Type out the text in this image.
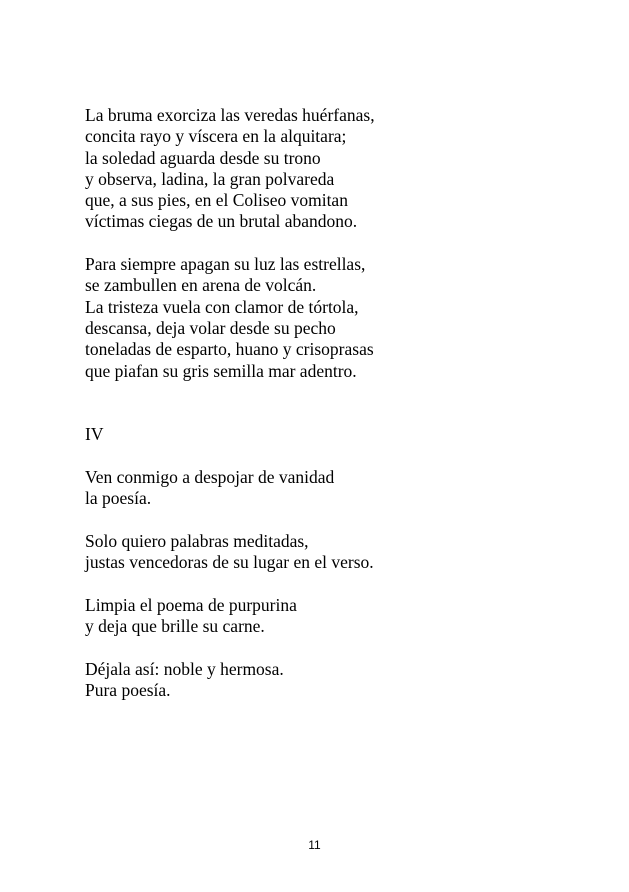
La bruma exorciza las veredas huérfanas,
concita rayo y víscera en la alquitara;
la soledad aguarda desde su trono
y observa, ladina, la gran polvareda
que, a sus pies, en el Coliseo vomitan
víctimas ciegas de un brutal abandono.
Para siempre apagan su luz las estrellas,
se zambullen en arena de volcán.
La tristeza vuela con clamor de tórtola,
descansa, deja volar desde su pecho
toneladas de esparto, huano y crisoprasas
que piafan su gris semilla mar adentro.
IV
Ven conmigo a despojar de vanidad
la poesía.
Solo quiero palabras meditadas,
justas vencedoras de su lugar en el verso.
Limpia el poema de purpurina
y deja que brille su carne.
Déjala así: noble y hermosa.
Pura poesía.
11
